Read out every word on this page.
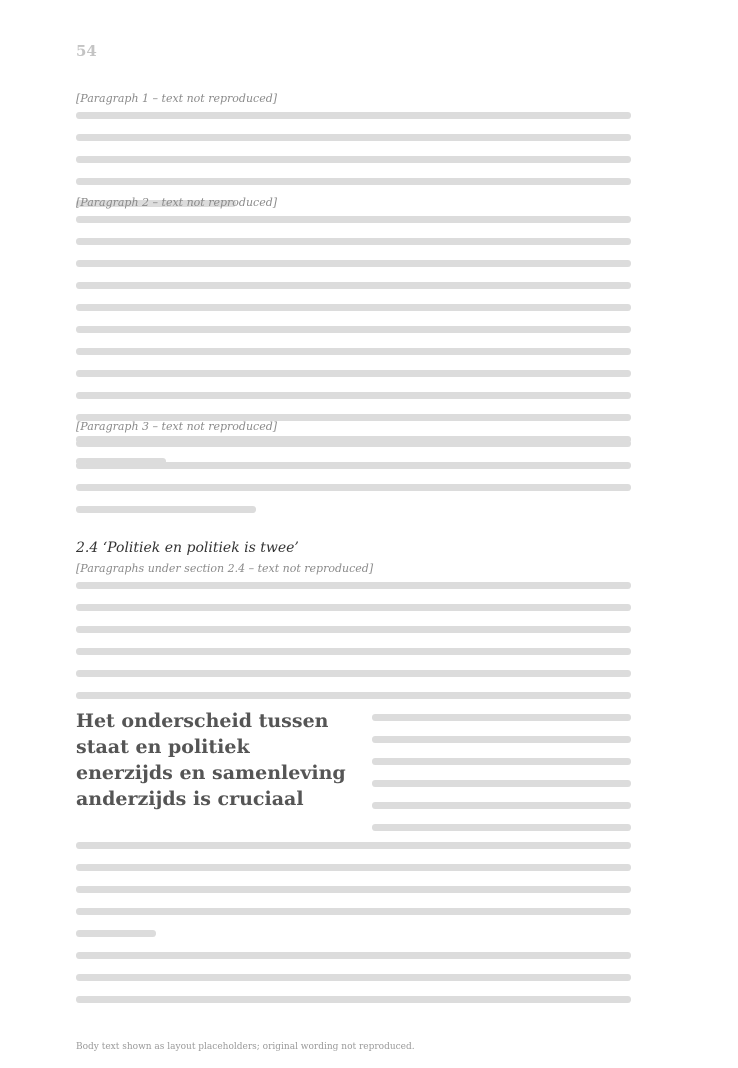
54
[Paragraph 1 – text not reproduced]
[Paragraph 2 – text not reproduced]
[Paragraph 3 – text not reproduced]
2.4 ‘Politiek en politiek is twee’
[Paragraphs under section 2.4 – text not reproduced]
Het onderscheid tussen staat en politiek enerzijds en samenleving anderzijds is cruciaal
Body text shown as layout placeholders; original wording not reproduced.
